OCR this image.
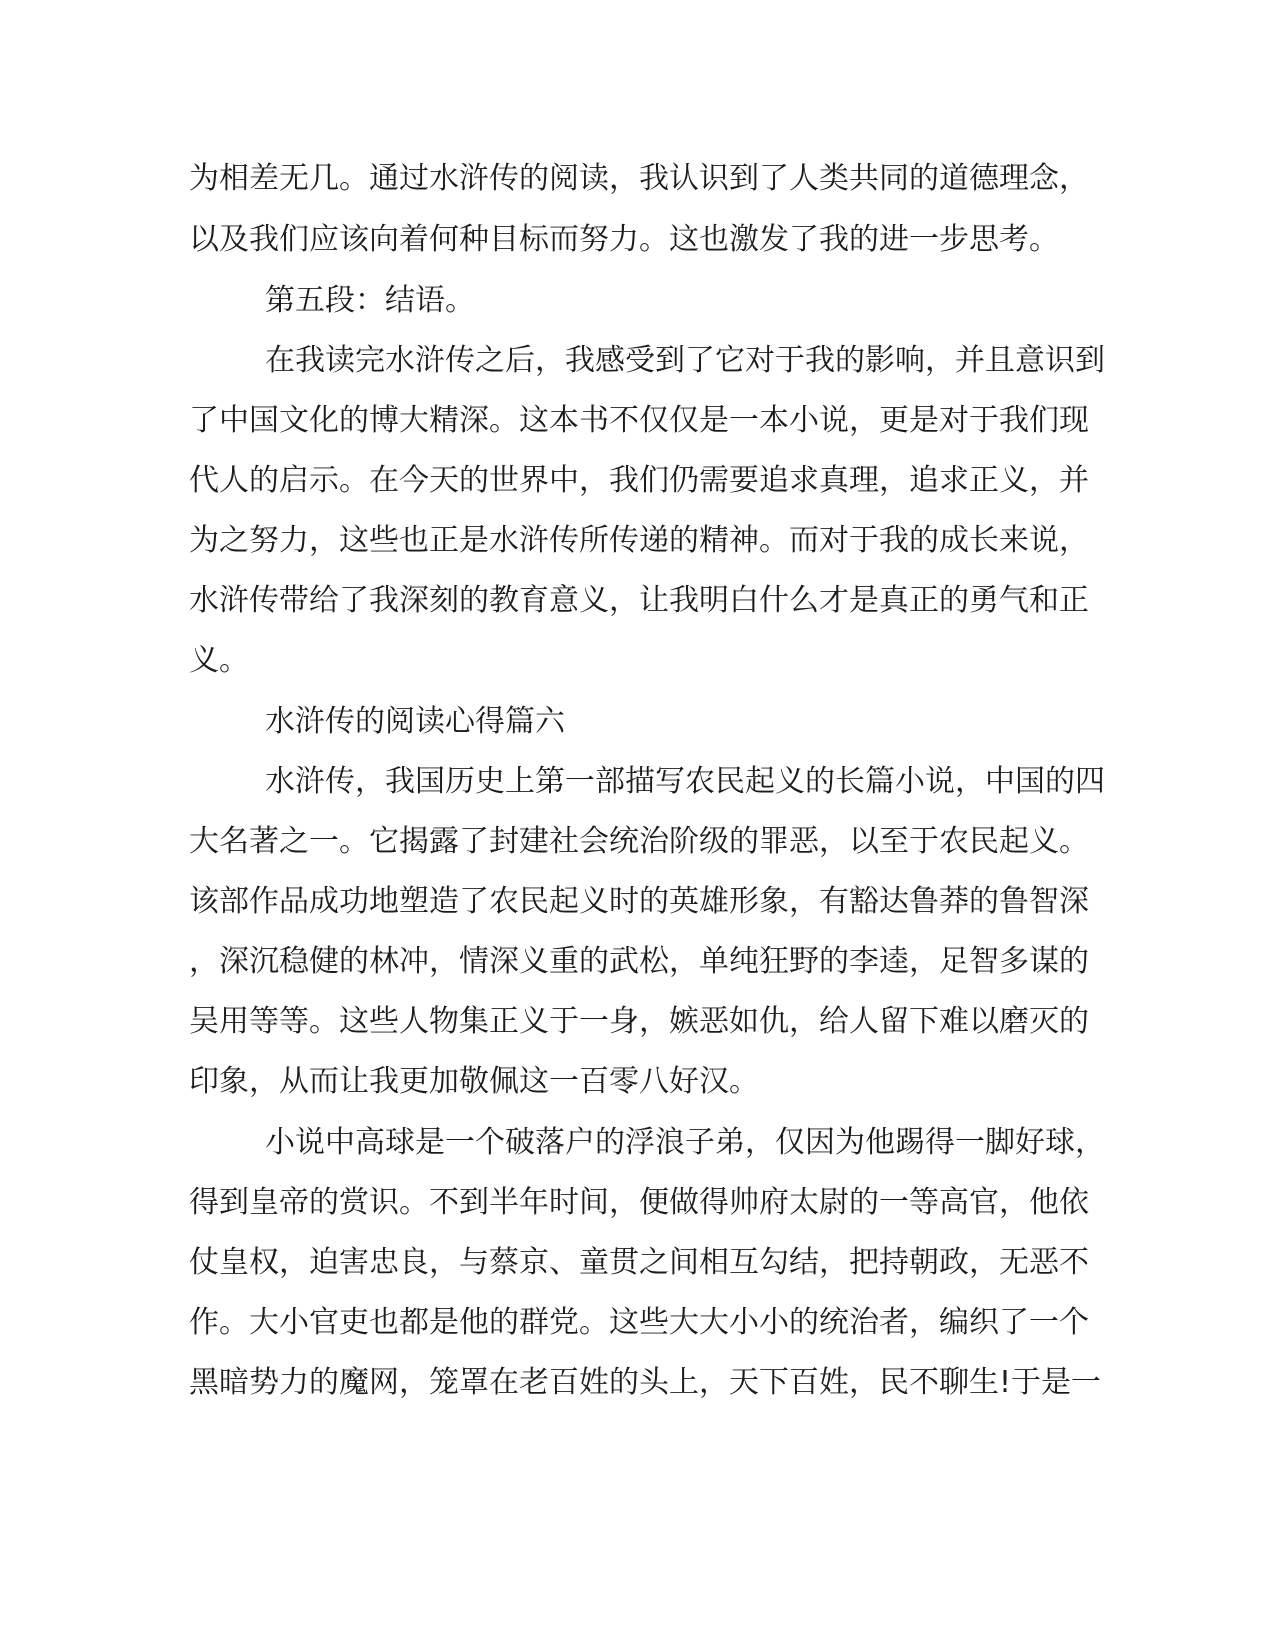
为相差无几。通过水浒传的阅读，我认识到了人类共同的道德理念，

以及我们应该向着何种目标而努力。这也激发了我的进一步思考。

第五段：结语。

在我读完水浒传之后，我感受到了它对于我的影响，并且意识到

了中国文化的博大精深。这本书不仅仅是一本小说，更是对于我们现

代人的启示。在今天的世界中，我们仍需要追求真理，追求正义，并

为之努力，这些也正是水浒传所传递的精神。而对于我的成长来说，

水浒传带给了我深刻的教育意义，让我明白什么才是真正的勇气和正

义。

水浒传的阅读心得篇六

水浒传，我国历史上第一部描写农民起义的长篇小说，中国的四

大名著之一。它揭露了封建社会统治阶级的罪恶，以至于农民起义。

该部作品成功地塑造了农民起义时的英雄形象，有豁达鲁莽的鲁智深

，深沉稳健的林冲，情深义重的武松，单纯狂野的李逵，足智多谋的

吴用等等。这些人物集正义于一身，嫉恶如仇，给人留下难以磨灭的

印象，从而让我更加敬佩这一百零八好汉。

小说中高球是一个破落户的浮浪子弟，仅因为他踢得一脚好球，

得到皇帝的赏识。不到半年时间，便做得帅府太尉的一等高官，他依

仗皇权，迫害忠良，与蔡京、童贯之间相互勾结，把持朝政，无恶不

作。大小官吏也都是他的群党。这些大大小小的统治者，编织了一个

黑暗势力的魔网，笼罩在老百姓的头上，天下百姓，民不聊生!于是一
